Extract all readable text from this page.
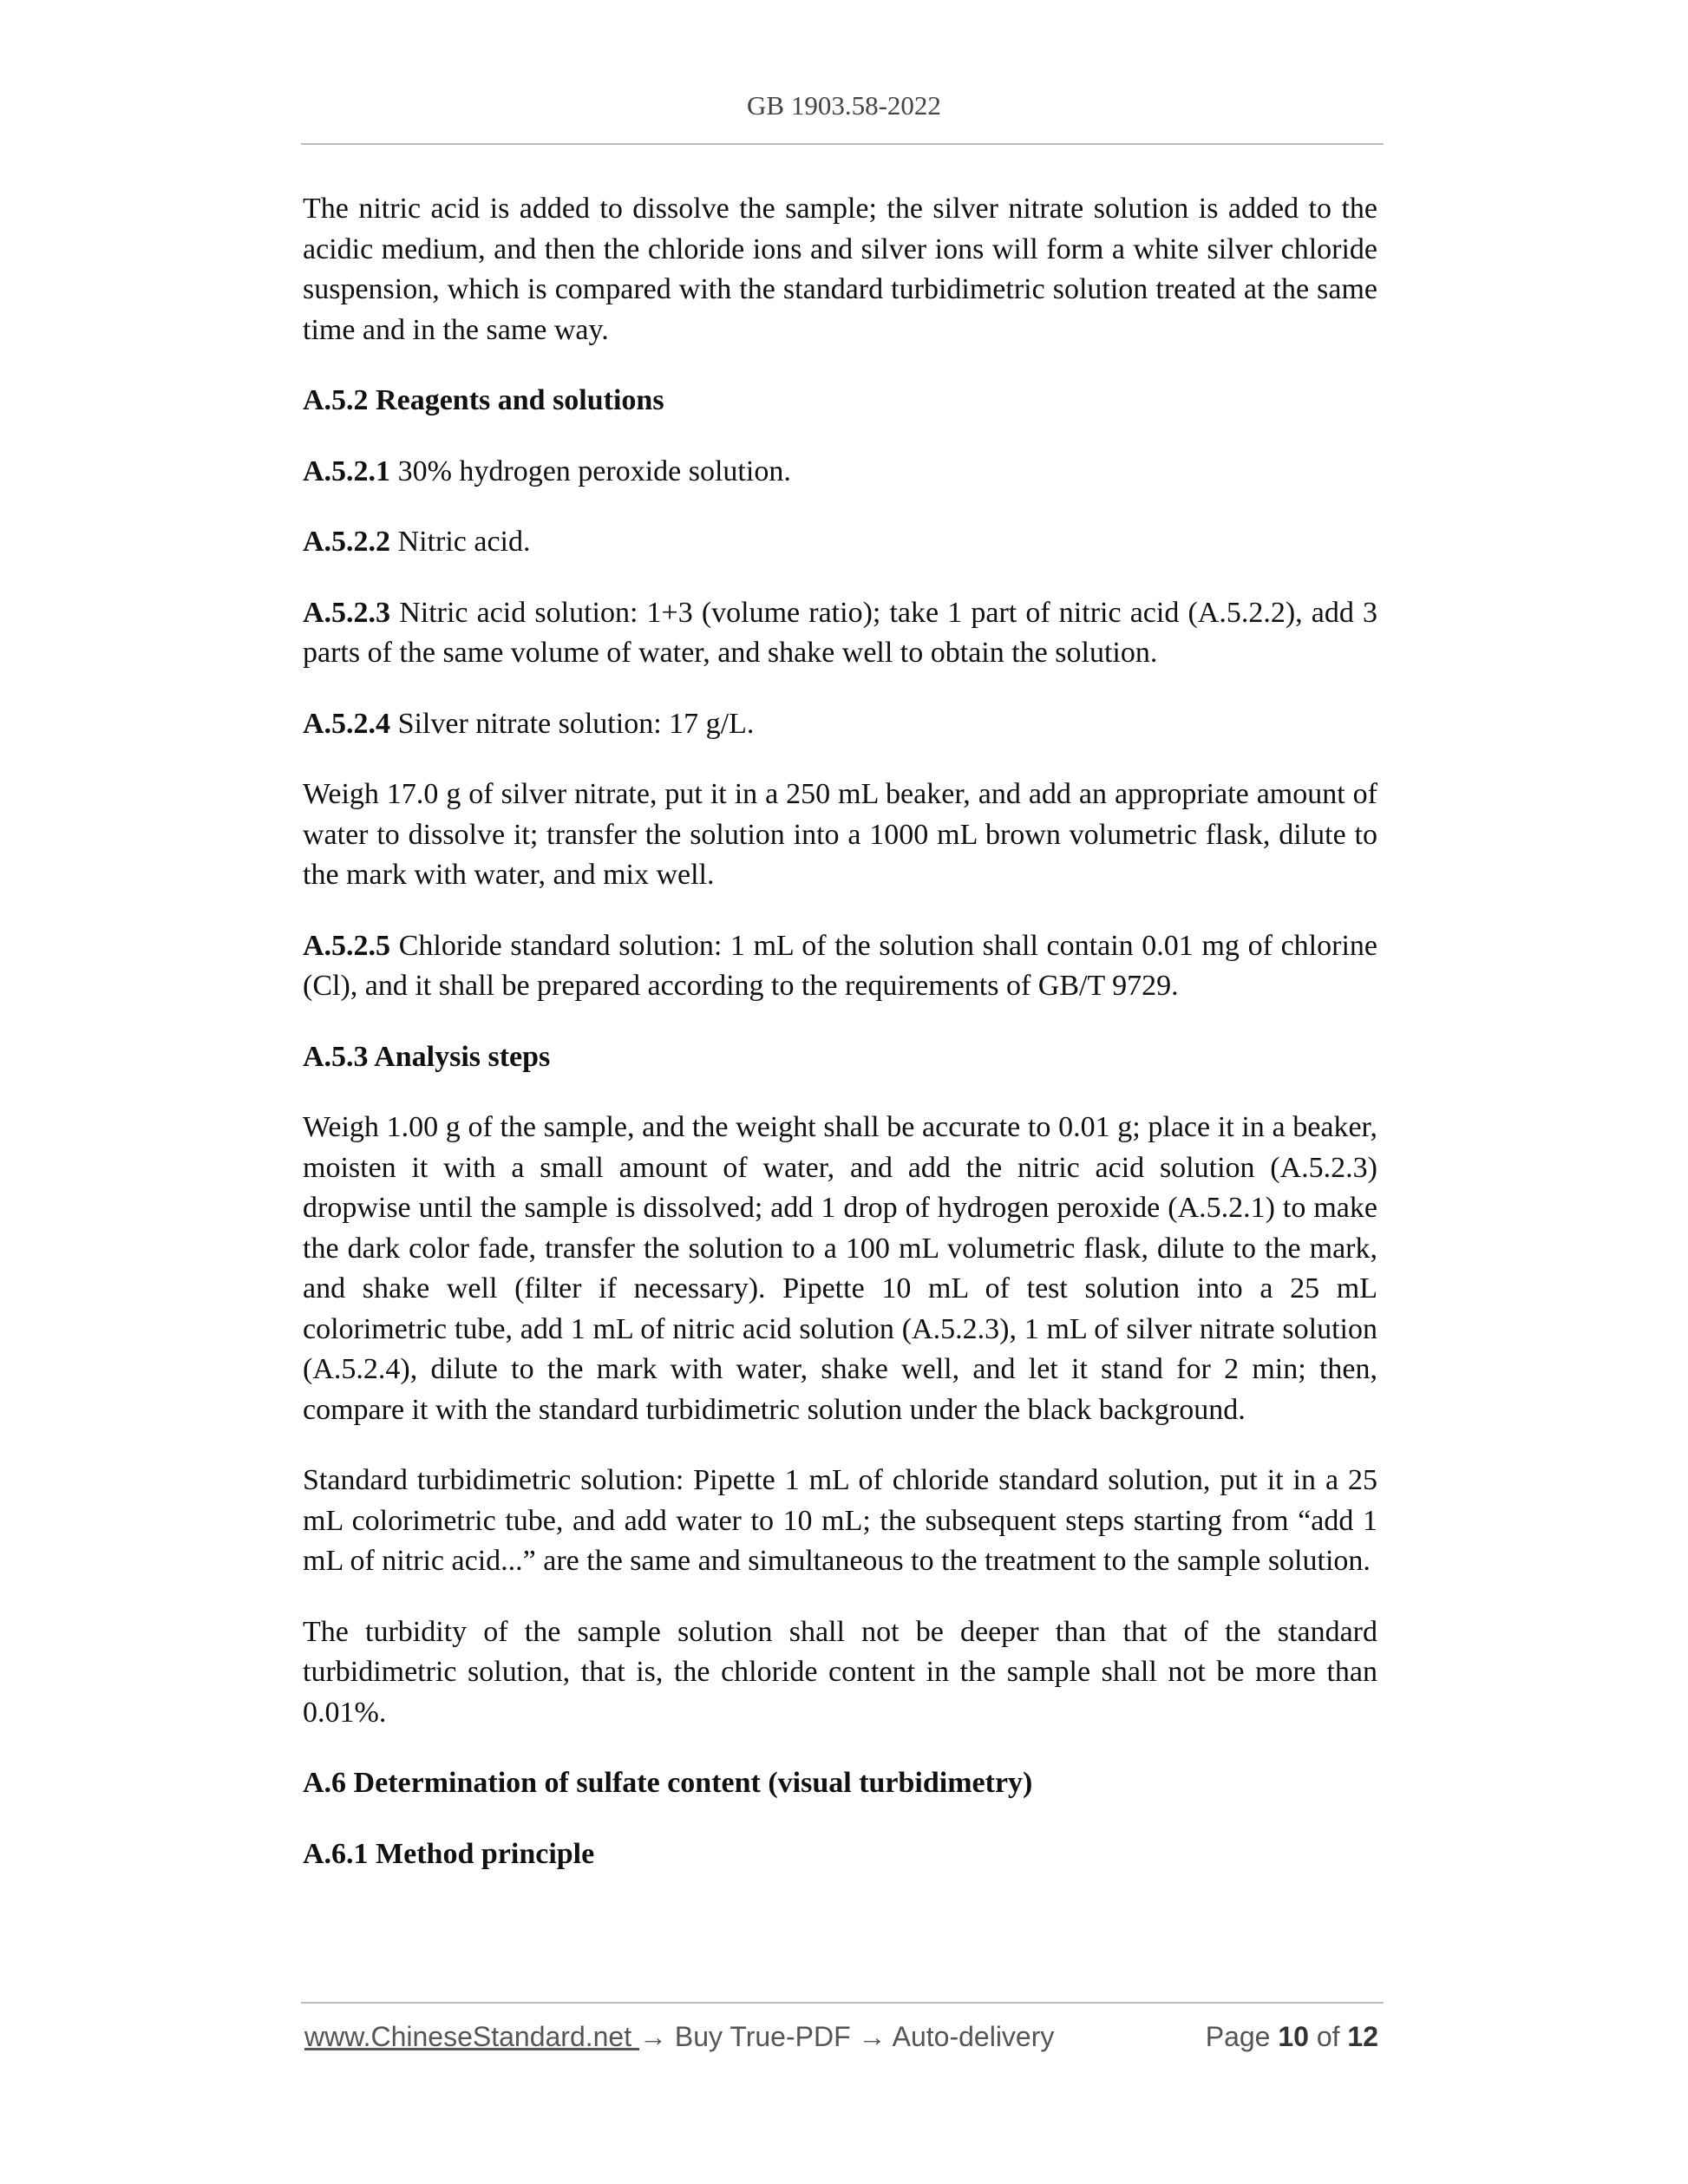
GB 1903.58-2022

The nitric acid is added to dissolve the sample; the silver nitrate solution is added to the acidic medium, and then the chloride ions and silver ions will form a white silver chloride suspension, which is compared with the standard turbidimetric solution treated at the same time and in the same way.

A.5.2 Reagents and solutions

A.5.2.1 30% hydrogen peroxide solution.

A.5.2.2 Nitric acid.

A.5.2.3 Nitric acid solution: 1+3 (volume ratio); take 1 part of nitric acid (A.5.2.2), add 3 parts of the same volume of water, and shake well to obtain the solution.

A.5.2.4 Silver nitrate solution: 17 g/L.

Weigh 17.0 g of silver nitrate, put it in a 250 mL beaker, and add an appropriate amount of water to dissolve it; transfer the solution into a 1000 mL brown volumetric flask, dilute to the mark with water, and mix well.

A.5.2.5 Chloride standard solution: 1 mL of the solution shall contain 0.01 mg of chlorine (Cl), and it shall be prepared according to the requirements of GB/T 9729.

A.5.3 Analysis steps

Weigh 1.00 g of the sample, and the weight shall be accurate to 0.01 g; place it in a beaker, moisten it with a small amount of water, and add the nitric acid solution (A.5.2.3) dropwise until the sample is dissolved; add 1 drop of hydrogen peroxide (A.5.2.1) to make the dark color fade, transfer the solution to a 100 mL volumetric flask, dilute to the mark, and shake well (filter if necessary). Pipette 10 mL of test solution into a 25 mL colorimetric tube, add 1 mL of nitric acid solution (A.5.2.3), 1 mL of silver nitrate solution (A.5.2.4), dilute to the mark with water, shake well, and let it stand for 2 min; then, compare it with the standard turbidimetric solution under the black background.

Standard turbidimetric solution: Pipette 1 mL of chloride standard solution, put it in a 25 mL colorimetric tube, and add water to 10 mL; the subsequent steps starting from “add 1 mL of nitric acid...” are the same and simultaneous to the treatment to the sample solution.

The turbidity of the sample solution shall not be deeper than that of the standard turbidimetric solution, that is, the chloride content in the sample shall not be more than 0.01%.

A.6 Determination of sulfate content (visual turbidimetry)
A.6.1 Method principle
www.ChineseStandard.net → Buy True-PDF → Auto-delivery	Page 10 of 12
